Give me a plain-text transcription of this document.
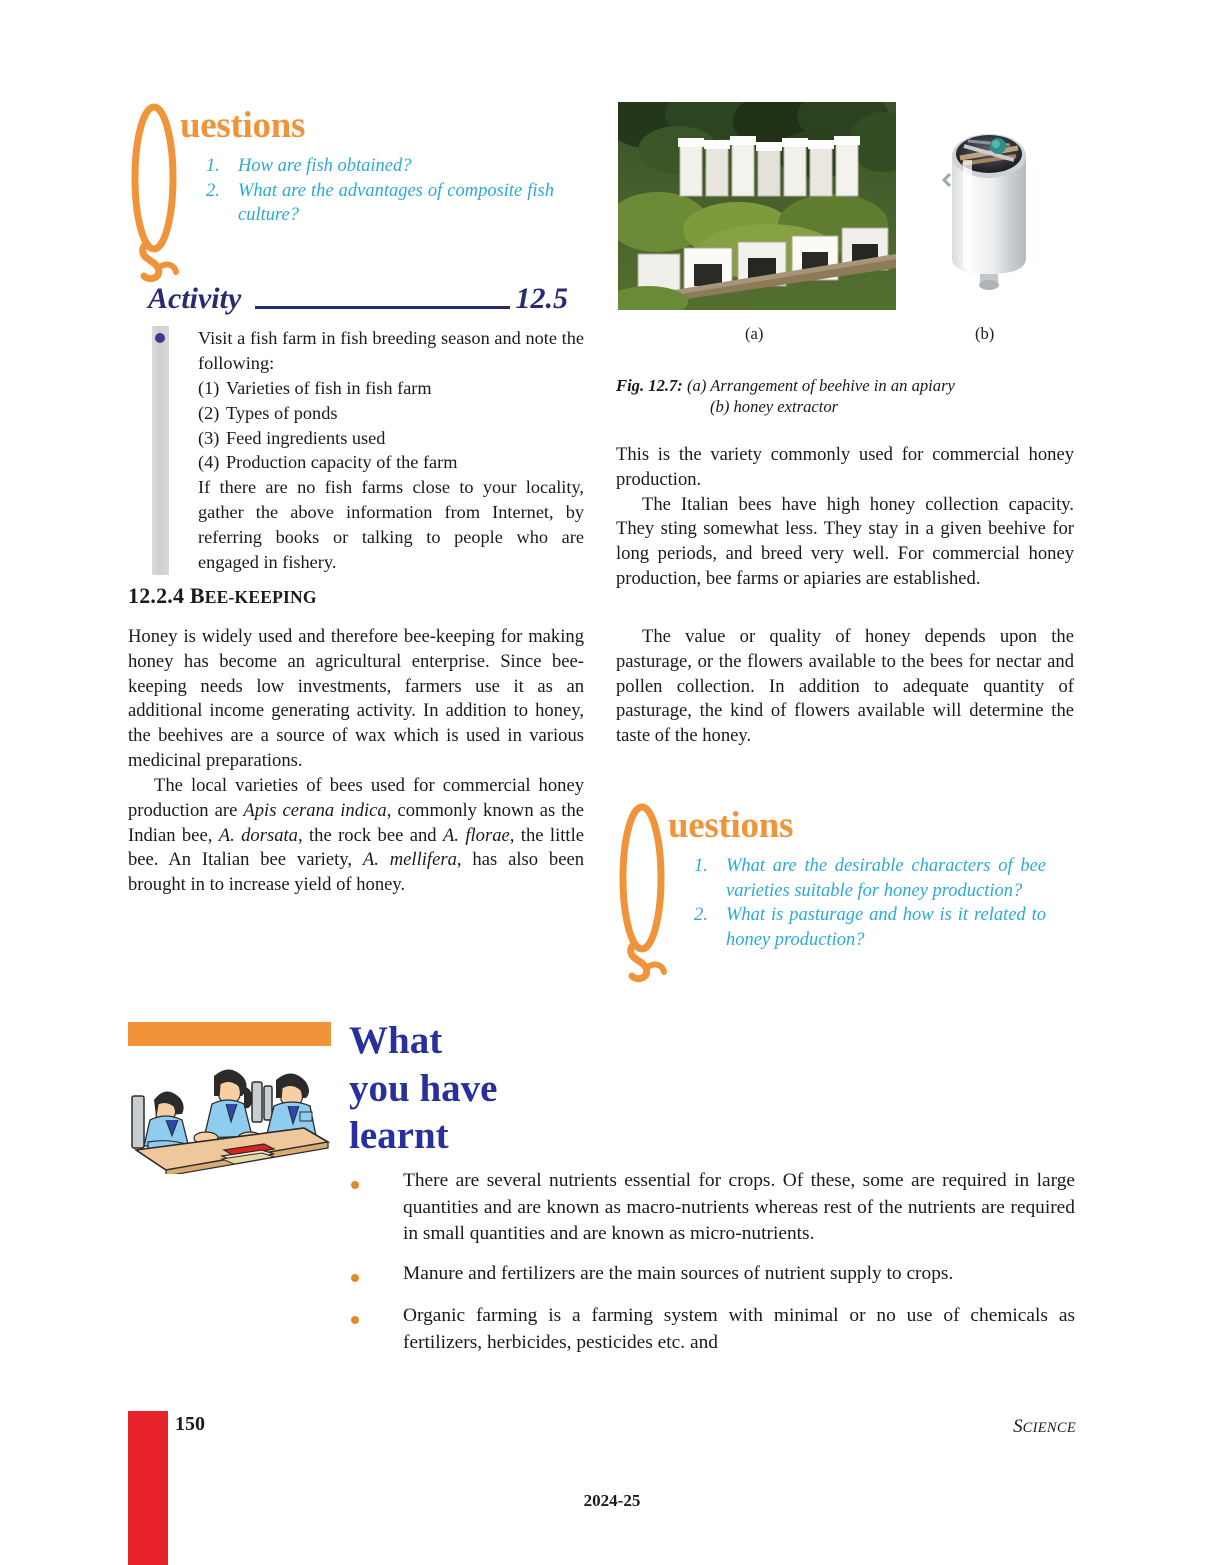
uestions
1. How are fish obtained?
2. What are the advantages of composite fish culture?
Activity	12.5
Visit a fish farm in fish breeding season and note the following:
(1) Varieties of fish in fish farm
(2) Types of ponds
(3) Feed ingredients used
(4) Production capacity of the farm
If there are no fish farms close to your locality, gather the above information from Internet, by referring books or talking to people who are engaged in fishery.
12.2.4 BEE-KEEPING

Honey is widely used and therefore bee-keeping for making honey has become an agricultural enterprise. Since bee-keeping needs low investments, farmers use it as an additional income generating activity. In addition to honey, the beehives are a source of wax which is used in various medicinal preparations.

The local varieties of bees used for commercial honey production are Apis cerana indica, commonly known as the Indian bee, A. dorsata, the rock bee and A. florae, the little bee. An Italian bee variety, A. mellifera, has also been brought in to increase yield of honey.

(a)	(b)
Fig. 12.7: (a) Arrangement of beehive in an apiary
(b) honey extractor

This is the variety commonly used for commercial honey production.

The Italian bees have high honey collection capacity. They sting somewhat less. They stay in a given beehive for long periods, and breed very well. For commercial honey production, bee farms or apiaries are established.

The value or quality of honey depends upon the pasturage, or the flowers available to the bees for nectar and pollen collection. In addition to adequate quantity of pasturage, the kind of flowers available will determine the taste of the honey.

uestions
1. What are the desirable characters of bee varieties suitable for honey production?
2. What is pasturage and how is it related to honey production?
What
you have
learnt
There are several nutrients essential for crops. Of these, some are required in large quantities and are known as macro-nutrients whereas rest of the nutrients are required in small quantities and are known as micro-nutrients.
Manure and fertilizers are the main sources of nutrient supply to crops.
Organic farming is a farming system with minimal or no use of chemicals as fertilizers, herbicides, pesticides etc. and
150	SCIENCE
2024-25
